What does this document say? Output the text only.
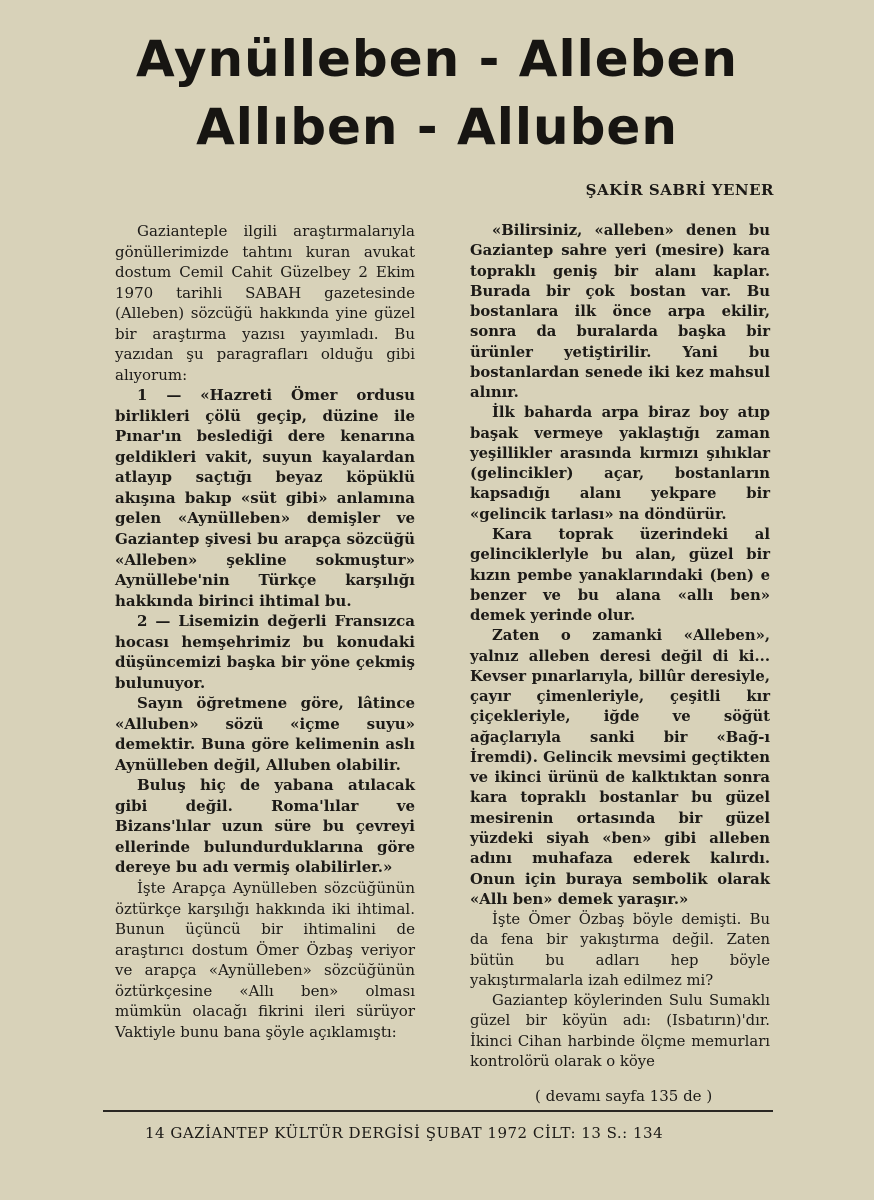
Aynülleben - Alleben
Allıben - Alluben
ŞAKİR SABRİ YENER

Gazianteple ilgili araştırmalarıyla gönüllerimizde tahtını kuran avukat dostum Cemil Cahit Güzelbey 2 Ekim 1970 tarihli SABAH gazetesinde (Alleben) sözcüğü hakkında yine güzel bir araştırma yazısı yayımladı. Bu yazıdan şu paragrafları olduğu gibi alıyorum:

1 — «Hazreti Ömer ordusu birlikleri çölü geçip, düzine ile Pınar'ın beslediği dere kenarına geldikleri vakit, suyun kayalardan atlayıp saçtığı beyaz köpüklü akışına bakıp «süt gibi» anlamına gelen «Aynülleben» demişler ve Gaziantep şivesi bu arapça sözcüğü «Alleben» şekline sokmuştur» Aynüllebe'nin Türkçe karşılığı hakkında birinci ihtimal bu.

2 — Lisemizin değerli Fransızca hocası hemşehrimiz bu konudaki düşüncemizi başka bir yöne çekmiş bulunuyor.

Sayın öğretmene göre, lâtince «Alluben» sözü «içme suyu» demektir. Buna göre kelimenin aslı Aynülleben değil, Alluben olabilir.

Buluş hiç de yabana atılacak gibi değil. Roma'lılar ve Bizans'lılar uzun süre bu çevreyi ellerinde bulundurduklarına göre dereye bu adı vermiş olabilirler.»

İşte Arapça Aynülleben sözcüğünün öztürkçe karşılığı hakkında iki ihtimal. Bunun üçüncü bir ihtimalini de araştırıcı dostum Ömer Özbaş veriyor ve arapça «Aynülleben» sözcüğünün öztürkçesine «Allı ben» olması mümkün olacağı fikrini ileri sürüyor Vaktiyle bunu bana şöyle açıklamıştı:

«Bilirsiniz, «alleben» denen bu Gaziantep sahre yeri (mesire) kara topraklı geniş bir alanı kaplar. Burada bir çok bostan var. Bu bostanlara ilk önce arpa ekilir, sonra da buralarda başka bir ürünler yetiştirilir. Yani bu bostanlardan senede iki kez mahsul alınır.

İlk baharda arpa biraz boy atıp başak vermeye yaklaştığı zaman yeşillikler arasında kırmızı şıhıklar (gelincikler) açar, bostanların kapsadığı alanı yekpare bir «gelincik tarlası» na döndürür.

Kara toprak üzerindeki al gelinciklerlyle bu alan, güzel bir kızın pembe yanaklarındaki (ben) e benzer ve bu alana «allı ben» demek yerinde olur.

Zaten o zamanki «Alleben», yalnız alleben deresi değil di ki... Kevser pınarlarıyla, billûr deresiyle, çayır çimenleriyle, çeşitli kır çiçekleriyle, iğde ve söğüt ağaçlarıyla sanki bir «Bağ-ı İremdi). Gelincik mevsimi geçtikten ve ikinci ürünü de kalktıktan sonra kara topraklı bostanlar bu güzel mesirenin ortasında bir güzel yüzdeki siyah «ben» gibi alleben adını muhafaza ederek kalırdı. Onun için buraya sembolik olarak «Allı ben» demek yaraşır.»

İşte Ömer Özbaş böyle demişti. Bu da fena bir yakıştırma değil. Zaten bütün bu adları hep böyle yakıştırmalarla izah edilmez mi?

Gaziantep köylerinden Sulu Sumaklı güzel bir köyün adı: (Isbatırın)'dır. İkinci Cihan harbinde ölçme memurları kontrolörü olarak o köye

( devamı sayfa 135 de )
14 GAZİANTEP KÜLTÜR DERGİSİ ŞUBAT 1972 CİLT: 13 S.: 134
